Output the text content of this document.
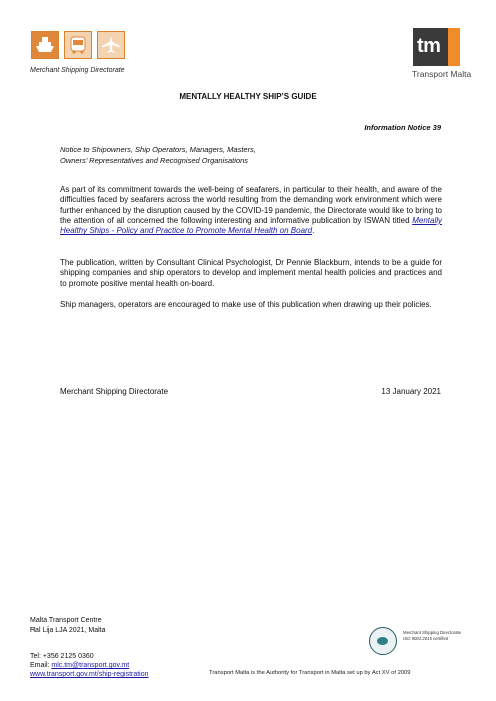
Merchant Shipping Directorate
tm
Transport Malta
MENTALLY HEALTHY SHIP’S GUIDE
Information Notice 39
Notice to Shipowners, Ship Operators, Managers, Masters,
Owners’ Representatives and Recognised Organisations
As part of its commitment towards the well-being of seafarers, in particular to their health, and aware of the difficulties faced by seafarers across the world resulting from the demanding work environment which were further enhanced by the disruption caused by the COVID-19 pandemic, the Directorate would like to bring to the attention of all concerned the following interesting and informative publication by ISWAN titled Mentally Healthy Ships - Policy and Practice to Promote Mental Health on Board.
The publication, written by Consultant Clinical Psychologist, Dr Pennie Blackburn, intends to be a guide for shipping companies and ship operators to develop and implement mental health policies and practices and to promote positive mental health on-board.
Ship managers, operators are encouraged to make use of this publication when drawing up their policies.
Merchant Shipping Directorate	13 January 2021
Malta Transport Centre
Ħal Lija LJA 2021, Malta
Tel: +356 2125 0360
Email: mlc.tm@transport.gov.mt
www.transport.gov.mt/ship-registration
Merchant Shipping Directorate
ISO 9001:2015 certified
Transport Malta is the Authority for Transport in Malta set up by Act XV of 2009
